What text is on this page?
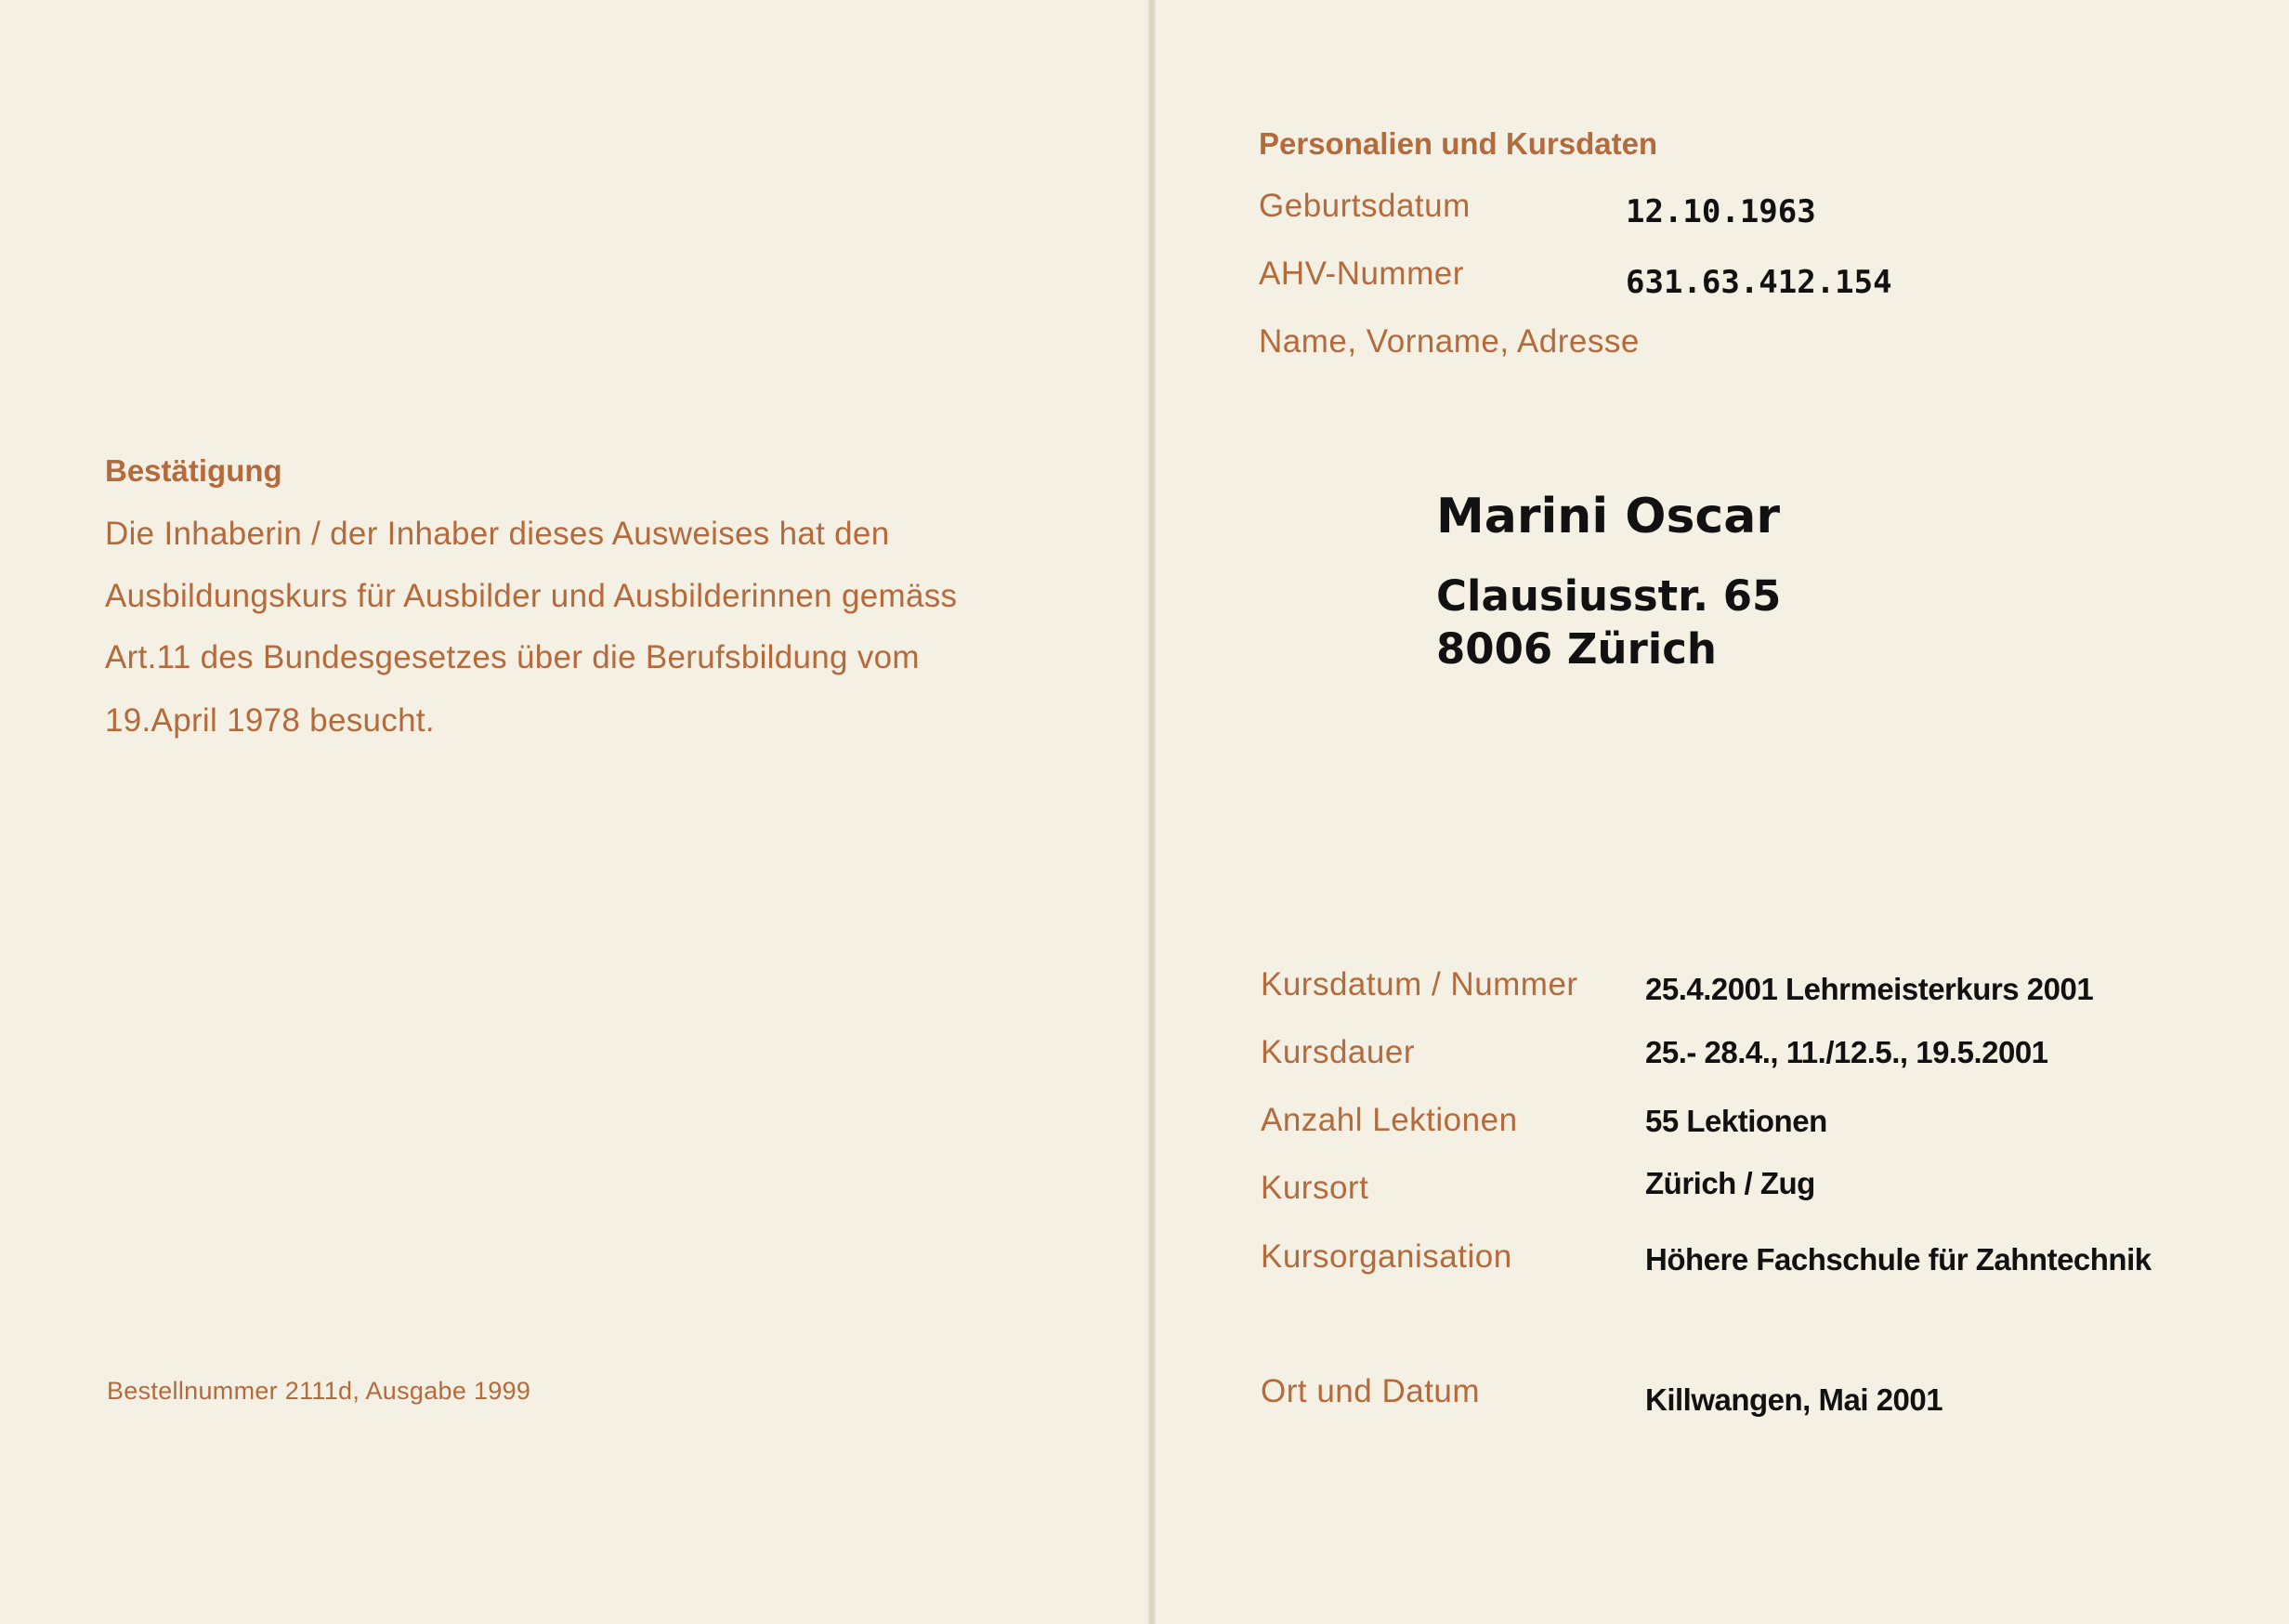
Bestätigung
Die Inhaberin / der Inhaber dieses Ausweises hat den
Ausbildungskurs für Ausbilder und Ausbilderinnen gemäss
Art.11 des Bundesgesetzes über die Berufsbildung vom
19.April 1978 besucht.
Bestellnummer 2111d, Ausgabe 1999
Personalien und Kursdaten
Geburtsdatum	12.10.1963
AHV-Nummer	631.63.412.154
Name, Vorname, Adresse
Marini Oscar
Clausiusstr. 65
8006 Zürich
Kursdatum / Nummer 25.4.2001 Lehrmeisterkurs 2001
Kursdauer	25.- 28.4., 11./12.5., 19.5.2001
Anzahl Lektionen	55 Lektionen
Kursort	Zürich / Zug
Kursorganisation	Höhere Fachschule für Zahntechnik
Ort und Datum	Killwangen, Mai 2001
